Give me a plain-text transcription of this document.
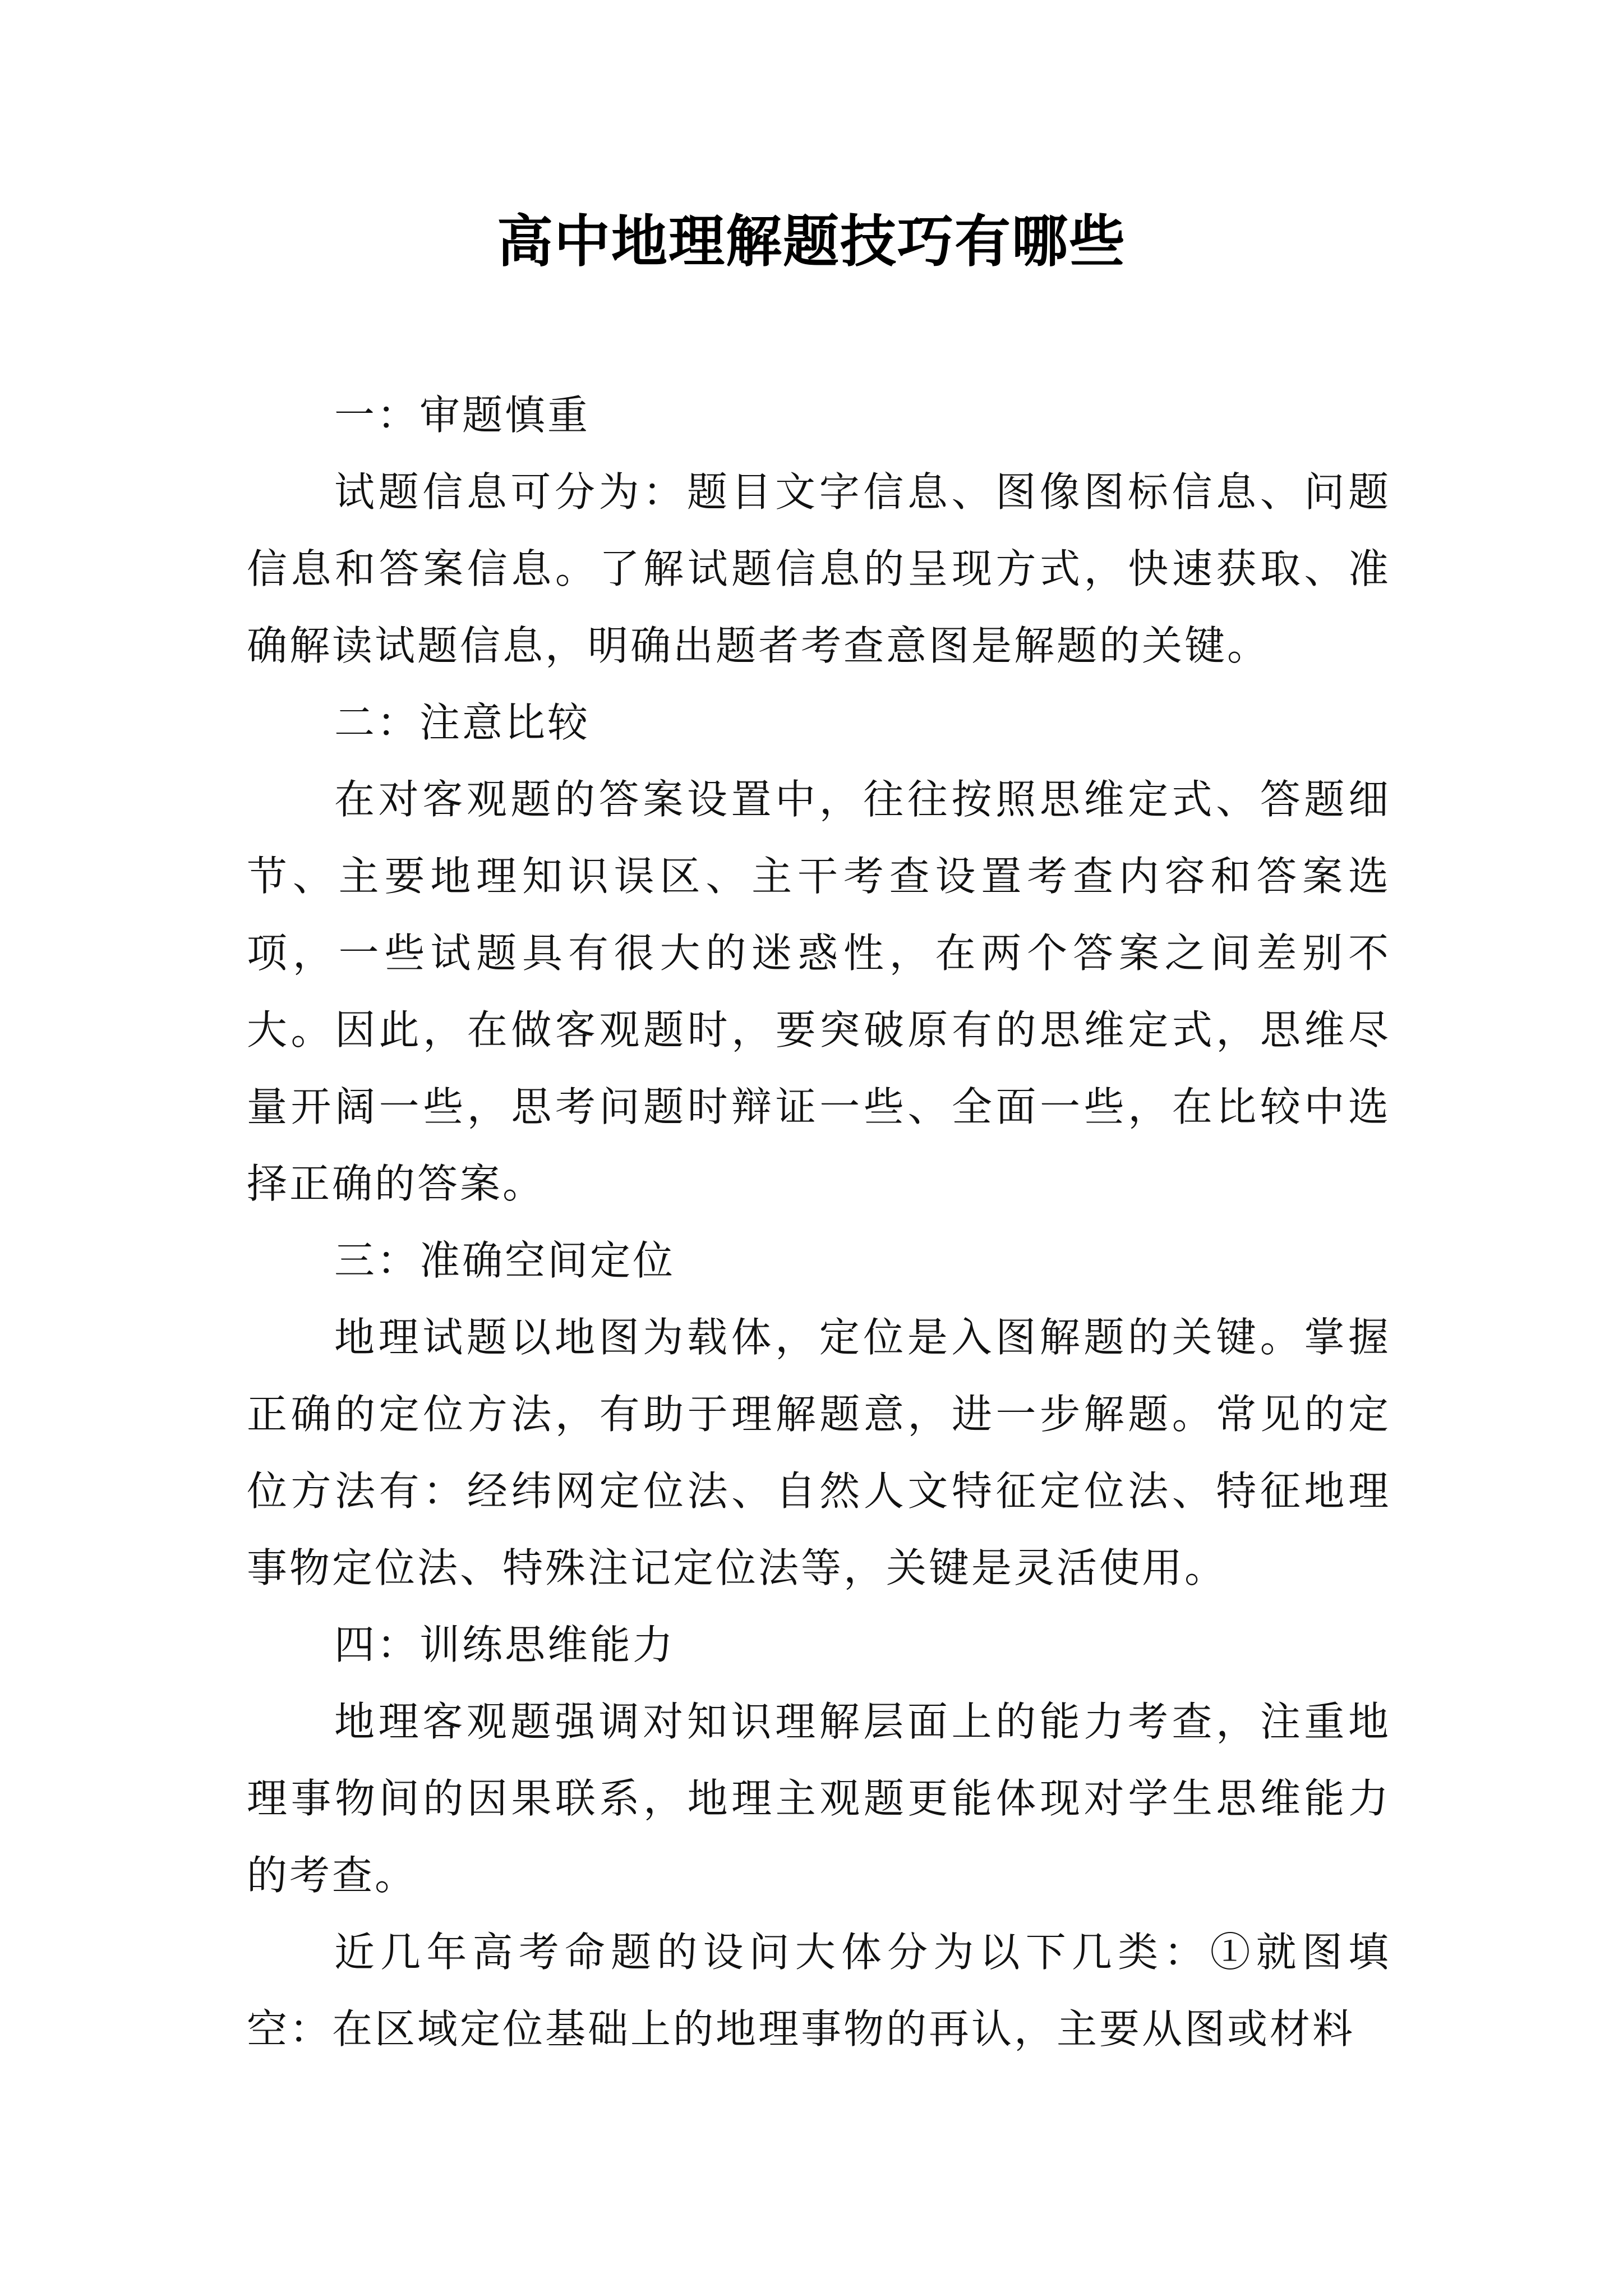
高中地理解题技巧有哪些

一：审题慎重

试题信息可分为：题目文字信息、图像图标信息、问题信息和答案信息。了解试题信息的呈现方式，快速获取、准确解读试题信息，明确出题者考查意图是解题的关键。

二：注意比较

在对客观题的答案设置中，往往按照思维定式、答题细节、主要地理知识误区、主干考查设置考查内容和答案选项，一些试题具有很大的迷惑性，在两个答案之间差别不大。因此，在做客观题时，要突破原有的思维定式，思维尽量开阔一些，思考问题时辩证一些、全面一些，在比较中选择正确的答案。

三：准确空间定位

地理试题以地图为载体，定位是入图解题的关键。掌握正确的定位方法，有助于理解题意，进一步解题。常见的定位方法有：经纬网定位法、自然人文特征定位法、特征地理事物定位法、特殊注记定位法等，关键是灵活使用。

四：训练思维能力

地理客观题强调对知识理解层面上的能力考查，注重地理事物间的因果联系，地理主观题更能体现对学生思维能力的考查。

近几年高考命题的设问大体分为以下几类：①就图填空：在区域定位基础上的地理事物的再认，主要从图或材料
